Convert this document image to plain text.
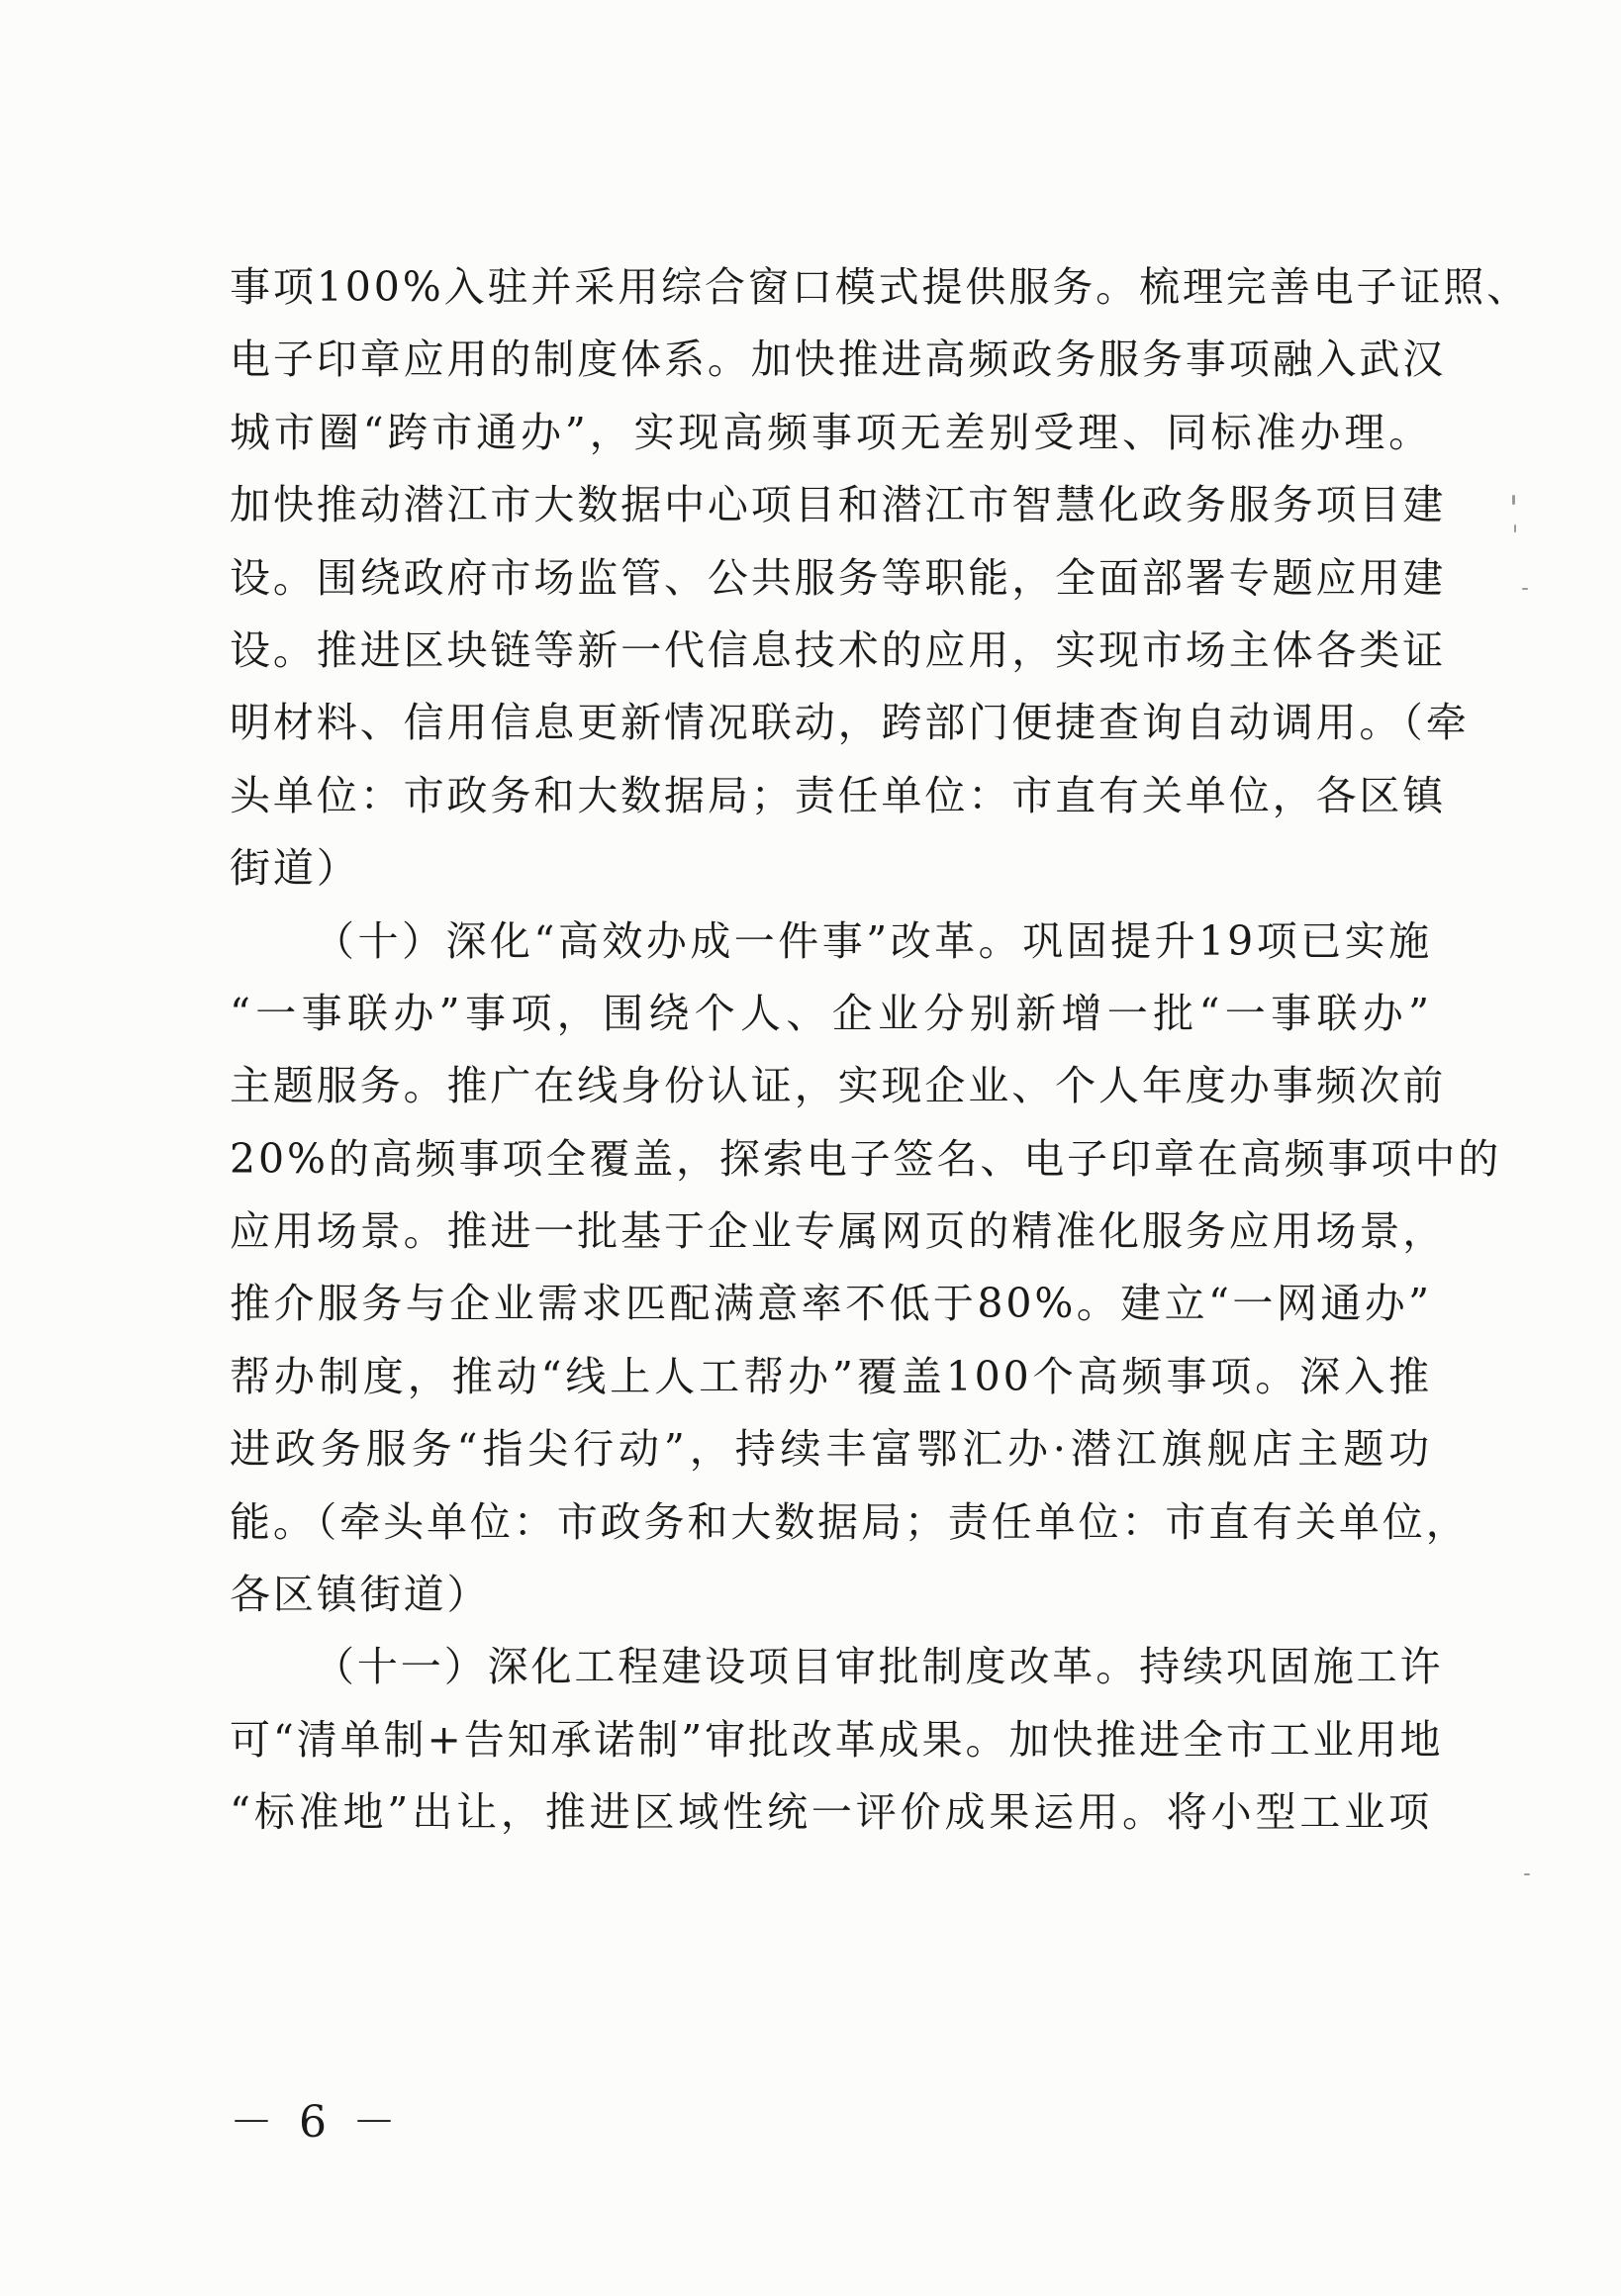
事项100%入驻并采用综合窗口模式提供服务。梳理完善电子证照、
电子印章应用的制度体系。加快推进高频政务服务事项融入武汉
城市圈“跨市通办”，实现高频事项无差别受理、同标准办理。
加快推动潜江市大数据中心项目和潜江市智慧化政务服务项目建
设。围绕政府市场监管、公共服务等职能，全面部署专题应用建
设。推进区块链等新一代信息技术的应用，实现市场主体各类证
明材料、信用信息更新情况联动，跨部门便捷查询自动调用。（牵
头单位：市政务和大数据局；责任单位：市直有关单位，各区镇
街道）
（十）深化“高效办成一件事”改革。巩固提升19项已实施
“一事联办”事项，围绕个人、企业分别新增一批“一事联办”
主题服务。推广在线身份认证，实现企业、个人年度办事频次前
20%的高频事项全覆盖，探索电子签名、电子印章在高频事项中的
应用场景。推进一批基于企业专属网页的精准化服务应用场景，
推介服务与企业需求匹配满意率不低于80%。建立“一网通办”
帮办制度，推动“线上人工帮办”覆盖100个高频事项。深入推
进政务服务“指尖行动”，持续丰富鄂汇办·潜江旗舰店主题功
能。（牵头单位：市政务和大数据局；责任单位：市直有关单位，
各区镇街道）
（十一）深化工程建设项目审批制度改革。持续巩固施工许
可“清单制+告知承诺制”审批改革成果。加快推进全市工业用地
“标准地”出让，推进区域性统一评价成果运用。将小型工业项
－ 6 －
